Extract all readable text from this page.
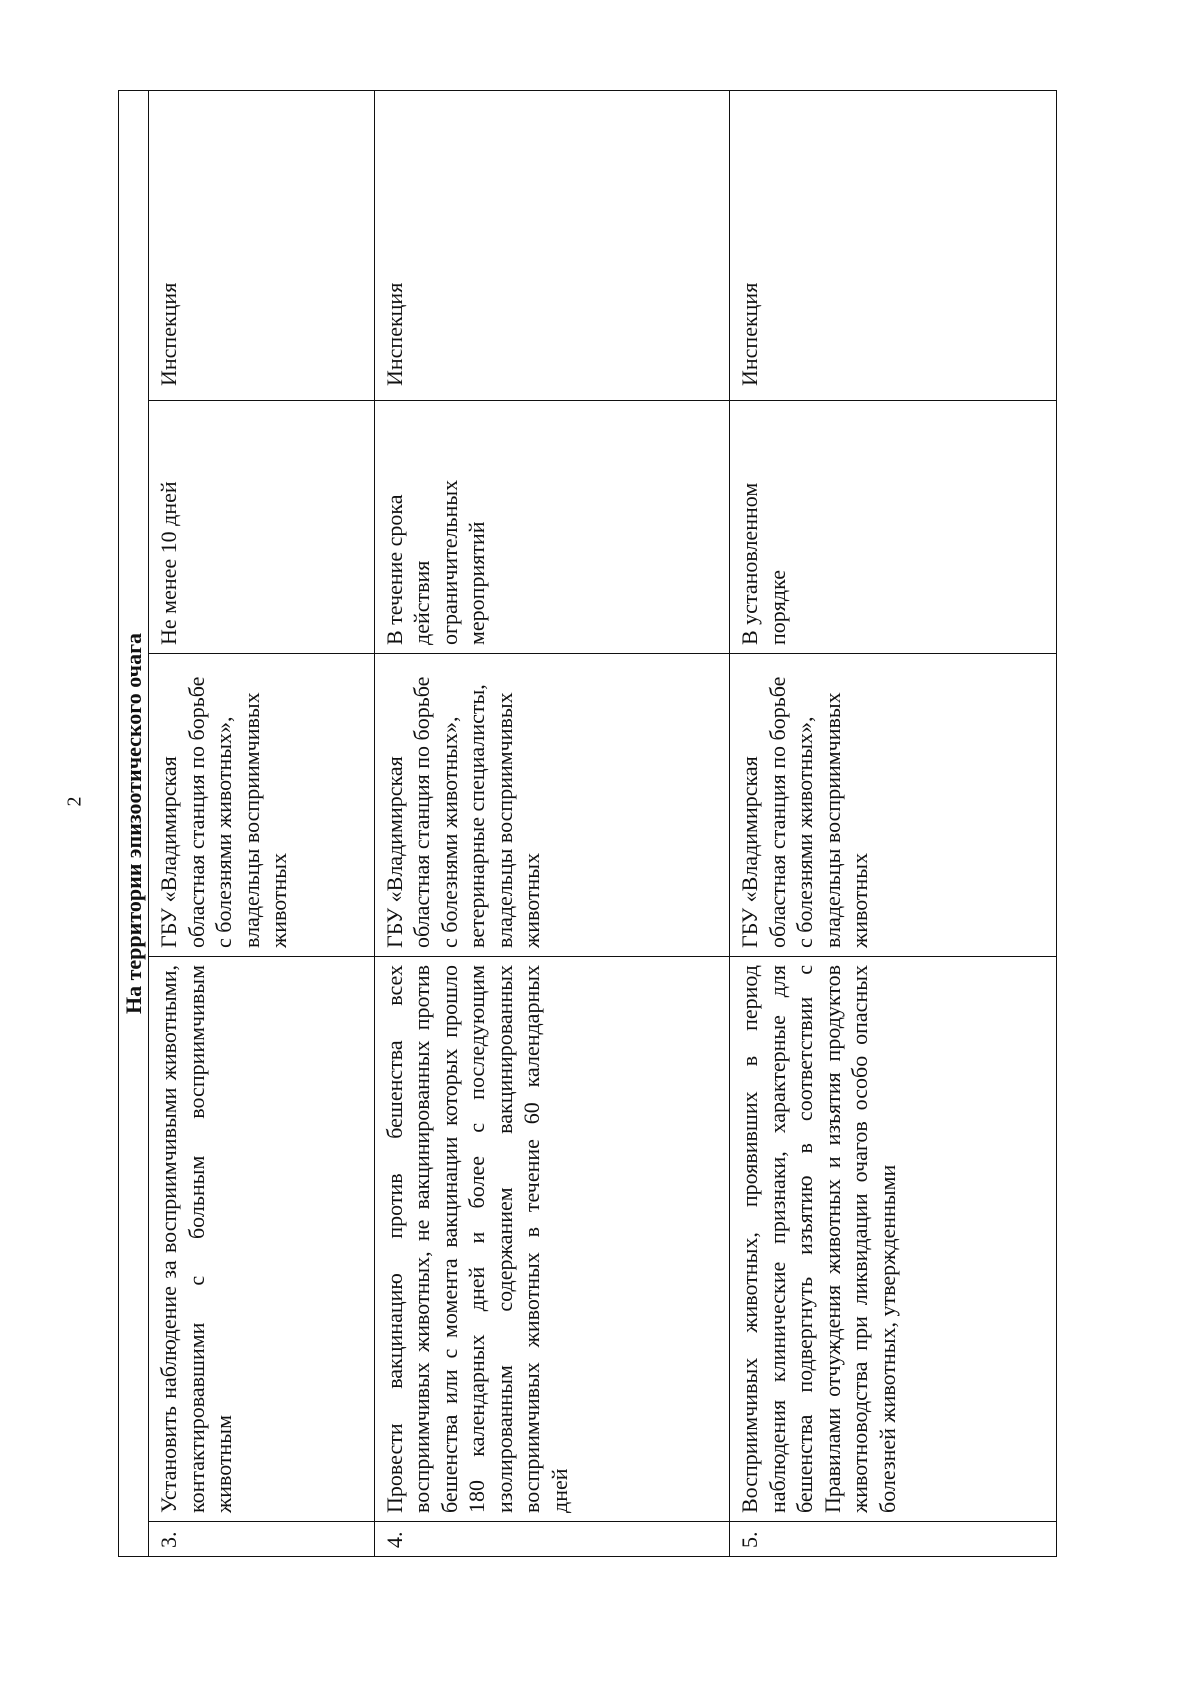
2 На территории эпизоотического очага				
3.	Установить наблюдение за восприимчивыми животными, контактировавшими с больным восприимчивым животным	ГБУ «Владимирская областная станция по борьбе с болезнями животных», владельцы восприимчивых животных	Не менее 10 дней	Инспекция
4.	Провести вакцинацию против бешенства всех восприимчивых животных, не вакцинированных против бешенства или с момента вакцинации которых прошло 180 календарных дней и более с последующим изолированным содержанием вакцинированных восприимчивых животных в течение 60 календарных дней	ГБУ «Владимирская областная станция по борьбе с болезнями животных», ветеринарные специалисты, владельцы восприимчивых животных	В течение срока действия ограничительных мероприятий	Инспекция
5.	Восприимчивых животных, проявивших в период наблюдения клинические признаки, характерные для бешенства подвергнуть изъятию в соответствии с Правилами отчуждения животных и изъятия продуктов животноводства при ликвидации очагов особо опасных болезней животных, утвержденными	ГБУ «Владимирская областная станция по борьбе с болезнями животных», владельцы восприимчивых животных	В установленном порядке	Инспекция
